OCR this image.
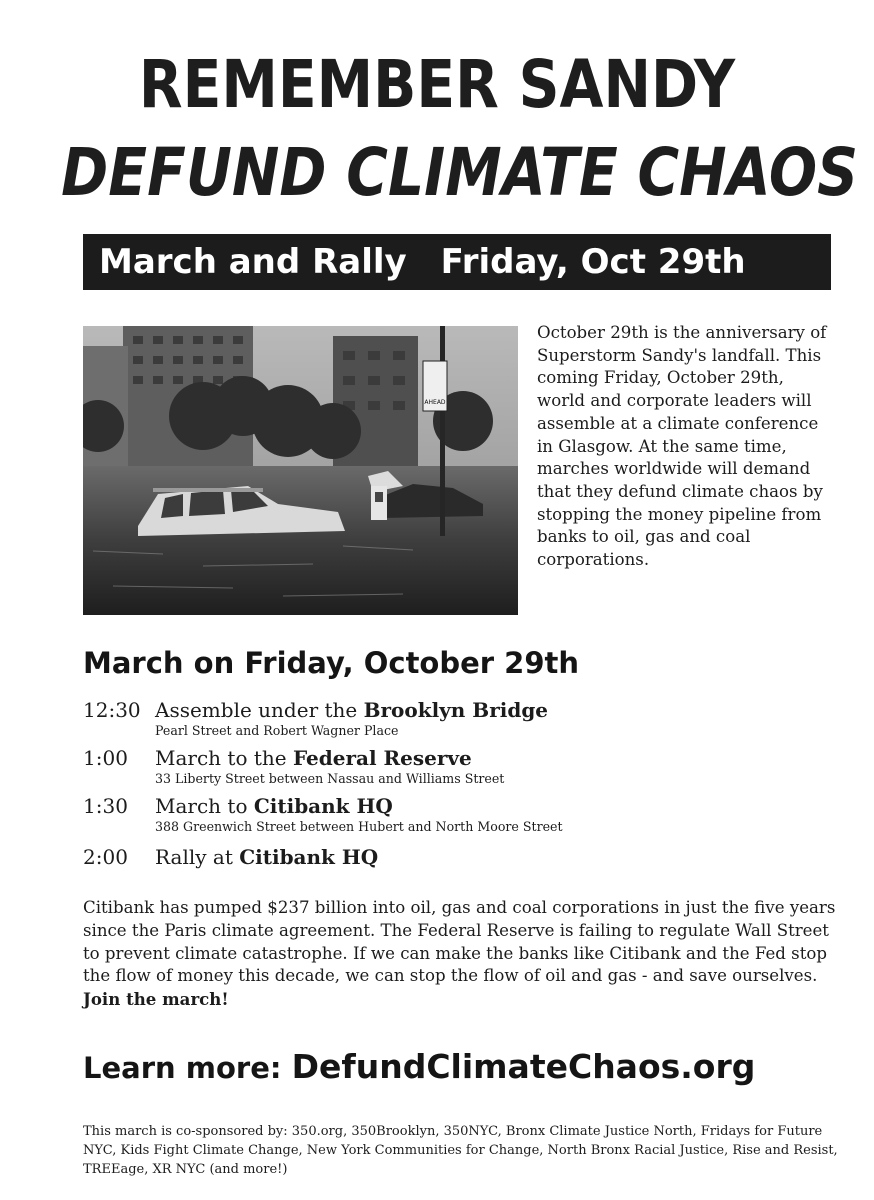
REMEMBER SANDY
DEFUND CLIMATE CHAOS
March and Rally Friday, Oct 29th
AHEAD
October 29th is the anniversary of Superstorm Sandy's landfall. This coming Friday, October 29th, world and corporate leaders will assemble at a climate conference in Glasgow. At the same time, marches worldwide will demand that they defund climate chaos by stopping the money pipeline from banks to oil, gas and coal corporations.
March on Friday, October 29th
12:30 Assemble under the Brooklyn Bridge
Pearl Street and Robert Wagner Place
1:00 March to the Federal Reserve
33 Liberty Street between Nassau and Williams Street
1:30 March to Citibank HQ
388 Greenwich Street between Hubert and North Moore Street
2:00 Rally at Citibank HQ
Citibank has pumped $237 billion into oil, gas and coal corporations in just the five years since the Paris climate agreement. The Federal Reserve is failing to regulate Wall Street to prevent climate catastrophe. If we can make the banks like Citibank and the Fed stop the flow of money this decade, we can stop the flow of oil and gas - and save ourselves. Join the march!
Learn more: DefundClimateChaos.org
This march is co-sponsored by: 350.org, 350Brooklyn, 350NYC, Bronx Climate Justice North, Fridays for Future NYC, Kids Fight Climate Change, New York Communities for Change, North Bronx Racial Justice, Rise and Resist, TREEage, XR NYC (and more!)
